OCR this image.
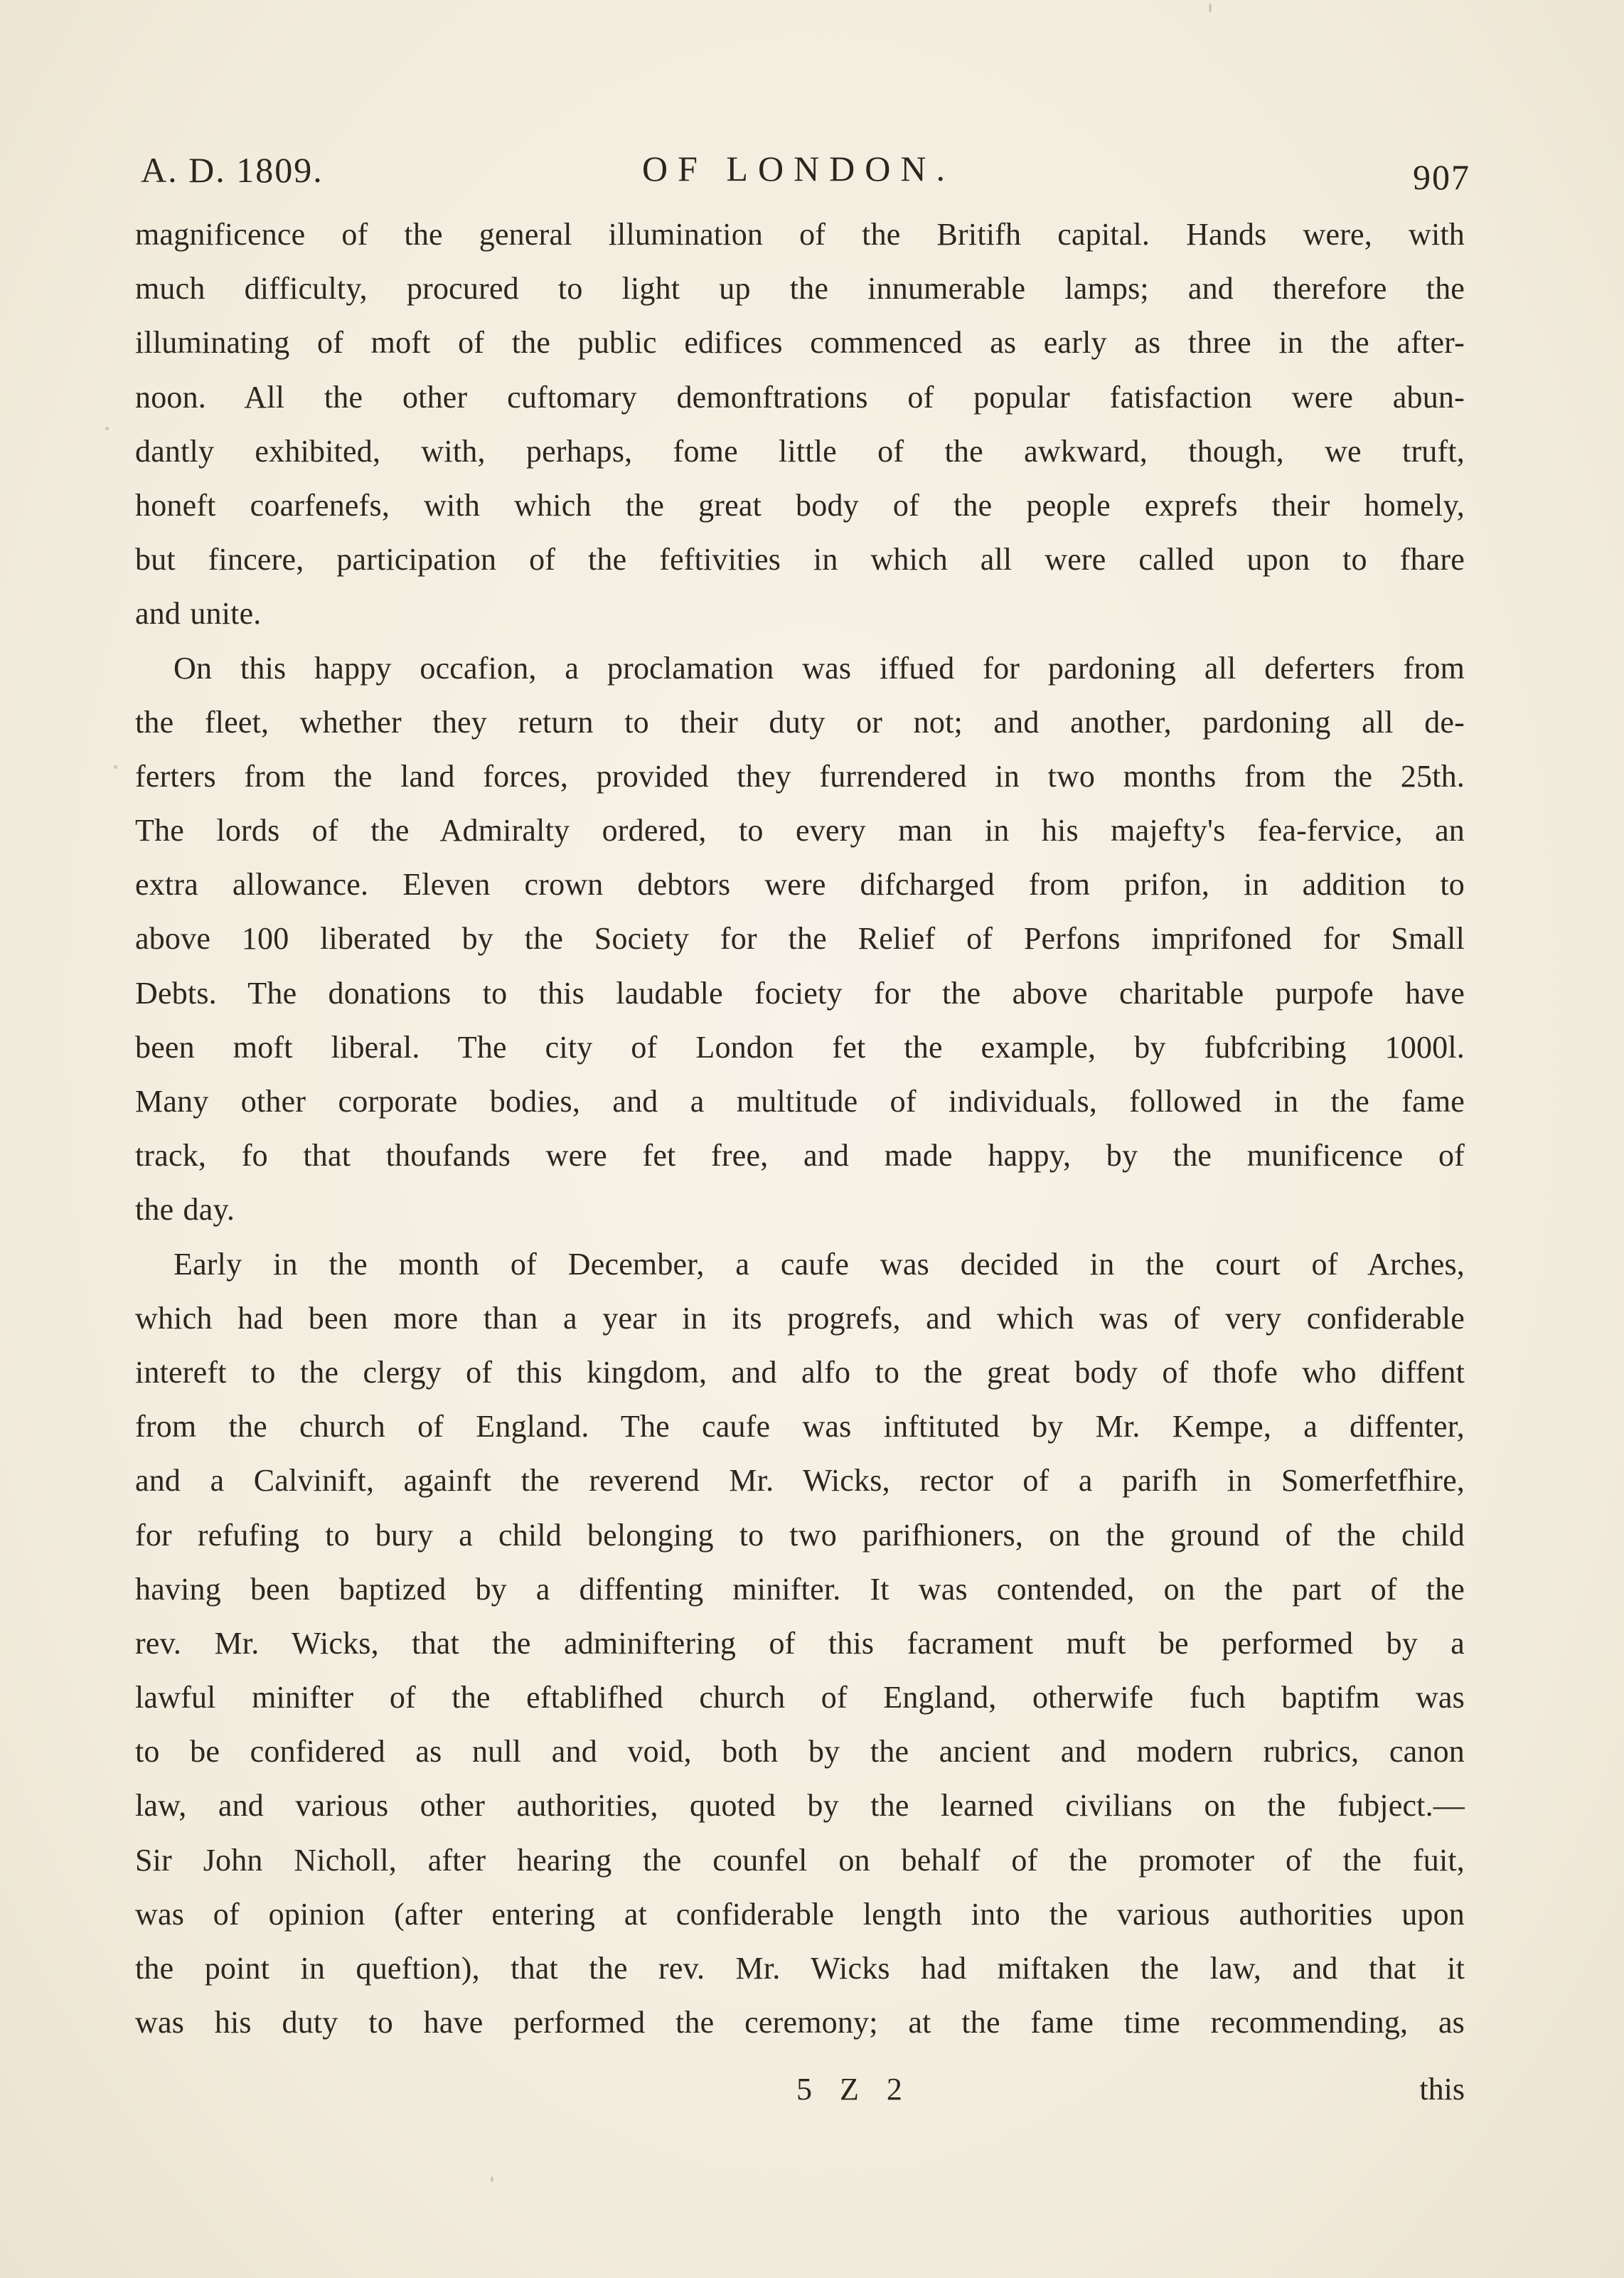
A. D. 1809.	OF LONDON.	907
magnificence of the general illumination of the Britifh capital. Hands were, with
much difficulty, procured to light up the innumerable lamps; and therefore the
illuminating of moft of the public edifices commenced as early as three in the after-
noon. All the other cuftomary demonftrations of popular fatisfaction were abun-
dantly exhibited, with, perhaps, fome little of the awkward, though, we truft,
honeft coarfenefs, with which the great body of the people exprefs their homely,
but fincere, participation of the feftivities in which all were called upon to fhare
and unite.
On this happy occafion, a proclamation was iffued for pardoning all deferters from
the fleet, whether they return to their duty or not; and another, pardoning all de-
ferters from the land forces, provided they furrendered in two months from the 25th.
The lords of the Admiralty ordered, to every man in his majefty's fea-fervice, an
extra allowance. Eleven crown debtors were difcharged from prifon, in addition to
above 100 liberated by the Society for the Relief of Perfons imprifoned for Small
Debts. The donations to this laudable fociety for the above charitable purpofe have
been moft liberal. The city of London fet the example, by fubfcribing 1000l.
Many other corporate bodies, and a multitude of individuals, followed in the fame
track, fo that thoufands were fet free, and made happy, by the munificence of
the day.
Early in the month of December, a caufe was decided in the court of Arches,
which had been more than a year in its progrefs, and which was of very confiderable
intereft to the clergy of this kingdom, and alfo to the great body of thofe who diffent
from the church of England. The caufe was inftituted by Mr. Kempe, a diffenter,
and a Calvinift, againft the reverend Mr. Wicks, rector of a parifh in Somerfetfhire,
for refufing to bury a child belonging to two parifhioners, on the ground of the child
having been baptized by a diffenting minifter. It was contended, on the part of the
rev. Mr. Wicks, that the adminiftering of this facrament muft be performed by a
lawful minifter of the eftablifhed church of England, otherwife fuch baptifm was
to be confidered as null and void, both by the ancient and modern rubrics, canon
law, and various other authorities, quoted by the learned civilians on the fubject.—
Sir John Nicholl, after hearing the counfel on behalf of the promoter of the fuit,
was of opinion (after entering at confiderable length into the various authorities upon
the point in queftion), that the rev. Mr. Wicks had miftaken the law, and that it
was his duty to have performed the ceremony; at the fame time recommending, as
5 Z 2	this
